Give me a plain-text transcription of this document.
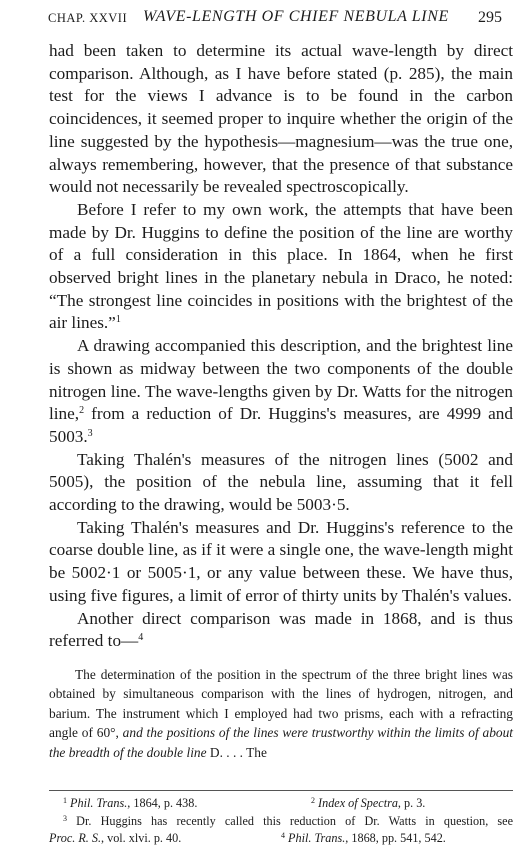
CHAP. XXVII WAVE-LENGTH OF CHIEF NEBULA LINE 295

had been taken to determine its actual wave-length by direct comparison. Although, as I have before stated (p. 285), the main test for the views I advance is to be found in the carbon coincidences, it seemed proper to inquire whether the origin of the line suggested by the hypothesis—magnesium—was the true one, always remembering, however, that the presence of that substance would not necessarily be revealed spectroscopically.

Before I refer to my own work, the attempts that have been made by Dr. Huggins to define the position of the line are worthy of a full consideration in this place. In 1864, when he first observed bright lines in the planetary nebula in Draco, he noted: “The strongest line coincides in positions with the brightest of the air lines.”$^1$

A drawing accompanied this description, and the brightest line is shown as midway between the two components of the double nitrogen line. The wave-lengths given by Dr. Watts for the nitrogen line,$^2$ from a reduction of Dr. Huggins's measures, are 4999 and 5003.$^3$

Taking Thalén's measures of the nitrogen lines (5002 and 5005), the position of the nebula line, assuming that it fell according to the drawing, would be 5003·5.

Taking Thalén's measures and Dr. Huggins's reference to the coarse double line, as if it were a single one, the wave-length might be 5002·1 or 5005·1, or any value between these. We have thus, using five figures, a limit of error of thirty units by Thalén's values.

Another direct comparison was made in 1868, and is thus referred to—$^4$

The determination of the position in the spectrum of the three bright lines was obtained by simultaneous comparison with the lines of hydrogen, nitrogen, and barium. The instrument which I employed had two prisms, each with a refracting angle of 60°, and the positions of the lines were trustworthy within the limits of about the breadth of the double line D. . . . The

$^1$ Phil. Trans., 1864, p. 438.	$^2$ Index of Spectra, p. 3.
$^3$ Dr. Huggins has recently called this reduction of Dr. Watts in question, see
Proc. R. S., vol. xlvi. p. 40.	$^4$ Phil. Trans., 1868, pp. 541, 542.
